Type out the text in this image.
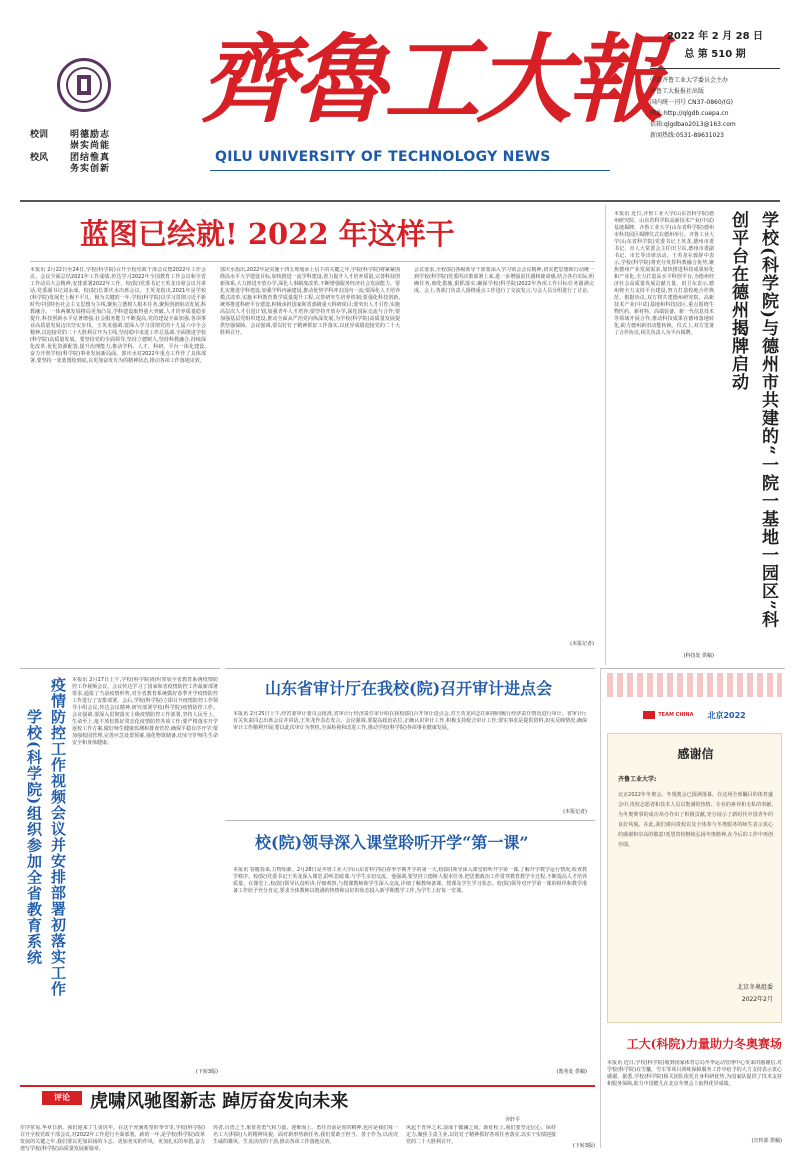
校训	明德励志
崇实尚能
校风	团结惟真
务实创新
齊魯工大報
QILU UNIVERSITY OF TECHNOLOGY NEWS
2022 年 2 月 28 日
总 第 510 期
中共齐鲁工业大学委员会主办
齐鲁工大报报社出版
国内统一刊号 CN37-0860/(G)
网址:http://qlgdb.cuepa.cn
信箱:qlgdbao2013@163.com
新闻热线:0531-89631023
蓝图已绘就! 2022 年这样干
本报讯 2月22日至24日,学校(科学院)召开全校党政干部会议暨2022年工作会议。会议全面总结2021年工作成绩,传达学习2022年全国教育工作会议和全省工作动员大会精神,安排部署2022年工作。校(院)党委书记王英龙出席会议并讲话,党委副书记刘永成、校(院)长郭庆水出席会议。王英龙指出,2021年是学校(科学院)发展史上极不平凡、极为关键的一年,学校(科学院)以学习贯彻习近平新时代中国特色社会主义思想为主线,聚焦立德树人根本任务,聚焦创新驱动发展,科教融合、一体两翼发展格局更加凸显,学科建设取得重大突破,人才培养质量稳步提升,科技创新水平显著增强,社会服务能力不断提高,党的建设全面加强,各项事业高质量发展迈出坚实步伐。王英龙强调,要深入学习贯彻党的十九届六中全会精神,以迎接党的二十大胜利召开为主线,坚持稳中求进工作总基调,全面推进学校(科学院)高质量发展。要坚持党的全面领导,坚持立德树人,坚持科教融合,持续深化改革,优化资源配置,提升治理能力,推动学科、人才、科研、平台一体化建设,奋力开创学校(科学院)事业发展新局面。郭庆水对2022年重点工作作了具体部署,要坚持一张蓝图绘到底,以更加奋发有为的精神状态,推动各项工作落地见效。
郭庆水指出,2022年是实施十四五规划承上启下的关键之年,学校(科学院)将紧紧围绕高水平大学建设目标,加快推进一流学科建设,着力提升人才培养质量,完善科技创新体系,大力推进开放办学,深化人事制度改革,不断增强服务经济社会发展能力。要扎实推进学科建设,加强学科内涵建设,推动优势学科冲击国内一流;要深化人才培养模式改革,实施本科教育教学质量提升工程,完善研究生培养机制;要强化科技创新,统筹推进科研平台建设,积极承担国家和省部级重大科研项目;要突出人才引育,实施高层次人才引进计划,加强青年人才培养;要坚持开放办学,深化国际交流与合作;要加强基层党组织建设,推动全面从严治党向纵深发展,为学校(科学院)高质量发展提供坚强保障。会议强调,要以钉钉子精神抓好工作落实,以优异成绩迎接党的二十大胜利召开。
会议要求,全校(院)各级领导干部要深入学习领会会议精神,切实把思想和行动统一到学校(科学院)党委的决策部署上来,进一步增强责任感和使命感,结合各自实际,明确任务,细化措施,狠抓落实,确保学校(科学院)2022年各项工作目标任务圆满完成。会上,各部门负责人围绕重点工作进行了交流发言,与会人员分组进行了讨论。
(本报记者)
本报讯 近日,齐鲁工业大学(山东省科学院)德州研究院、山东省科学院高新技术产业(中试)基地揭牌、齐鲁工业大学(山东省科学院)德州市科技园区揭牌仪式在德州举行。齐鲁工业大学(山东省科学院)党委书记王英龙,德州市委书记、市人大常委会主任田卫东,德州市委副书记、市长等出席活动。王英龙在致辞中表示,学校(科学院)将充分发挥科教融合优势,聚焦德州产业发展需求,加快推进科技成果转化和产业化,全力打造高水平科创平台,为德州经济社会高质量发展贡献力量。田卫东表示,德州将全力支持平台建设,努力打造校地合作典范。根据协议,双方将共建德州研究院、高新技术产业(中试)基地和科技园区,重点围绕生物医药、新材料、高端装备、新一代信息技术等领域开展合作,推动科技成果在德州落地转化,助力德州新旧动能转换。仪式上,双方签署了合作协议,相关负责人为平台揭牌。	学校(科学院)与德州市共建的“一院一基地一园区”科创平台在德州揭牌启动
(科技处 供稿)
疫情防控工作视频会议并安排部署初落实工作
学校(科学院)组织参加全省教育系统
本报讯 2月17日上午,学校(科学院)组织参加全省教育系统疫情防控工作视频会议。会议传达学习了国家和省疫情防控工作最新部署要求,通报了当前疫情形势,对全省教育系统做好春季开学疫情防控工作进行了安排部署。会后,学校(科学院)立即召开疫情防控工作领导小组会议,传达会议精神,研究部署学校(科学院)疫情防控工作。会议强调,要深入贯彻落实上级疫情防控工作部署,坚持人民至上、生命至上,毫不放松抓好常态化疫情防控各项工作;要严格落实开学返校工作方案,做好师生健康监测和排查管控,确保平稳有序开学;要加强校园管理,完善应急处置预案,强化物资储备,切实守护师生生命安全和身体健康。
(下转3版)
山东省审计厅在我校(院)召开审计进点会
本报讯 2月25日上午,经省委审计委员会批准,省审计厅经济责任审计组在我校(院)召开审计进点会,对王英龙同志任职期间履行经济责任情况进行审计。省审计厅有关负责同志出席会议并讲话,王英龙作表态发言。会议强调,要提高政治站位,正确认识审计工作,积极支持配合审计工作;要实事求是提供资料,如实反映情况,确保审计工作顺利开展;要以此次审计为契机,全面检视和改进工作,推动学校(科学院)各项事业健康发展。
(本报记者)
校(院)领导深入课堂聆听开学“第一课”
本报讯 春暖春来,万物始新。2月28日是齐鲁工业大学(山东省科学院)春季学期开学的第一天,校(院)领导深入课堂聆听开学第一课,了解开学教学运行情况,检查教学秩序。校(院)党委书记王英龙深入课堂,聆听思政课,与学生亲切交流。他强调,要坚持立德树人根本任务,把思想政治工作贯穿教育教学全过程,不断提高人才培养质量。在课堂上,校(院)领导认真听讲,仔细观察,与授课教师和学生深入交流,详细了解教师备课、授课及学生学习状态。校(院)领导对开学第一课的组织和教学准备工作给予充分肯定,要求全体教师以饱满的热情和良好的状态投入新学期教学工作,为学生上好每一堂课。
(教务处 供稿)
TEAM CHINA 北京2022
感谢信
齐鲁工业大学:
北京2022年冬奥会、冬残奥会已圆满落幕。在这场全球瞩目的体育盛会中,贵校志愿者和技术人员以饱满的热情、专业的素养和无私的奉献,为冬奥赛事的成功举办作出了积极贡献,充分展示了新时代中国青年的良好风貌。在此,我们谨向贵校以及全体参与冬奥服务的师生表示衷心的感谢和崇高的敬意!希望贵校继续弘扬冬奥精神,在今后的工作中再创佳绩。
北京冬奥组委
2022年2月
工大(科院)力量助力冬奥赛场
本报讯 近日,学校(科学院)收到国家体育总局冬季运动管理中心发来的感谢信,对学校(科学院)在雪橇、雪车等项目训练保障服务工作中给予的大力支持表示衷心感谢。据悉,学校(科学院)相关团队依托自身科研优势,为国家队提供了技术支持和服务保障,助力中国健儿在北京冬奥会上取得优异成绩。
(宣传部 供稿)
评论	虎啸风驰图新志 踔厉奋发向未来
齐轩平
岁序常易,华章日新。我们迎来了壬寅虎年。在这个充满希望的季节里,学校(科学院)召开全校党政干部会议,对2022年工作进行全面部署。新的一年,是学校(科学院)改革发展的关键之年,我们要以更加昂扬的斗志、更加务实的作风、更加扎实的举措,奋力谱写学校(科学院)高质量发展新篇章。
虎者,百兽之王,象征着勇气和力量。迎难而上、勇往直前是虎的精神,也应是我们每一名工大(科院)人的精神风貌。面对新形势新任务,我们要敢于担当、善于作为,以虎虎生威的雄风、生龙活虎的干劲,推动各项工作落地见效。
风起于青萍之末,浪成于微澜之间。新征程上,我们要坚定信心、保持定力,聚焦主责主业,以钉钉子精神抓好各项任务落实,以实干实绩迎接党的二十大胜利召开。
(下转3版)
